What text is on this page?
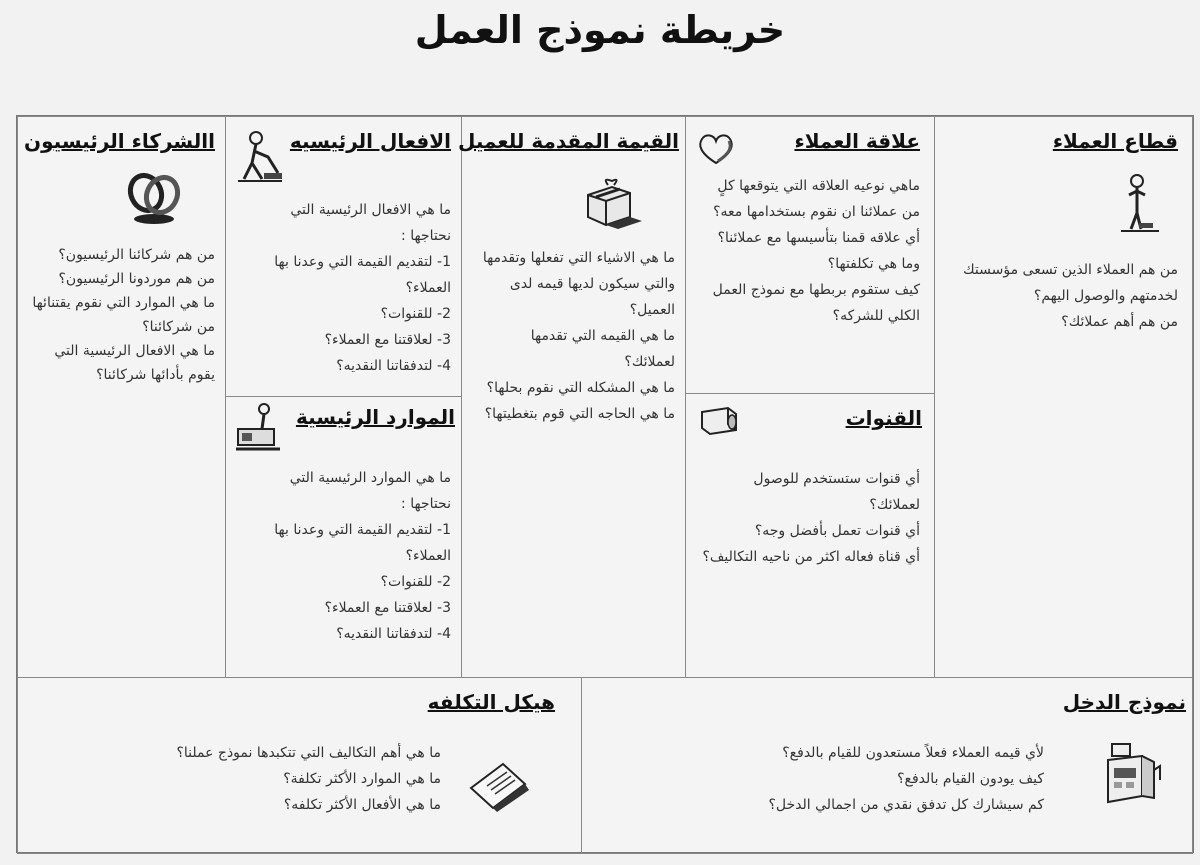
خريطة نموذج العمل
االشركاء الرئيسيون
من هم شركائنا الرئيسيون؟
من هم موردونا الرئيسيون؟
ما هي الموارد التي نقوم يقتنائها من شركائنا؟
ما هي الافعال الرئيسية التي يقوم بأدائها شركائنا؟
الافعال الرئيسيه
ما هي الافعال الرئيسية التي نحتاجها :
1- لتقديم القيمة التي وعدنا بها العملاء؟
2- للقنوات؟
3- لعلاقتنا مع العملاء؟
4- لتدفقاتنا النقديه؟
الموارد الرئيسية
ما هي الموارد الرئيسية التي نحتاجها :
1- لتقديم القيمة التي وعدنا بها العملاء؟
2- للقنوات؟
3- لعلاقتنا مع العملاء؟
4- لتدفقاتنا النقديه؟
القيمة المقدمة للعميل
ما هي الاشياء التي تفعلها وتقدمها والتي سيكون لديها قيمه لدى العميل؟
ما هي القيمه التي تقدمها لعملائك؟
ما هي المشكله التي نقوم بحلها؟
ما هي الحاجه التي قوم بتغطيتها؟
علاقة العملاء
ماهي نوعيه العلاقه التي يتوقعها كلٍ من عملائنا ان نقوم بستخدامها معه؟
أي علاقه قمنا بتأسيسها مع عملائنا؟
وما هي تكلفتها؟
كيف ستقوم بربطها مع نموذج العمل الكلي للشركه؟
القنوات
أي قنوات ستستخدم للوصول لعملائك؟
أي قنوات تعمل بأفضل وجه؟
أي قناة فعاله اكثر من ناحيه التكاليف؟
قطاع العملاء
من هم العملاء الذين تسعى مؤسستك لخدمتهم والوصول اليهم؟
من هم أهم عملائك؟
هيكل التكلفه
ما هي أهم التكاليف التي تتكبدها نموذج عملنا؟
ما هي الموارد الأكثر تكلفة؟
ما هي الأفعال الأكثر تكلفه؟
نموذج الدخل
لأي قيمه العملاء فعلاً مستعدون للقيام بالدفع؟
كيف يودون القيام بالدفع؟
كم سيشارك كل تدفق نقدي من اجمالي الدخل؟
